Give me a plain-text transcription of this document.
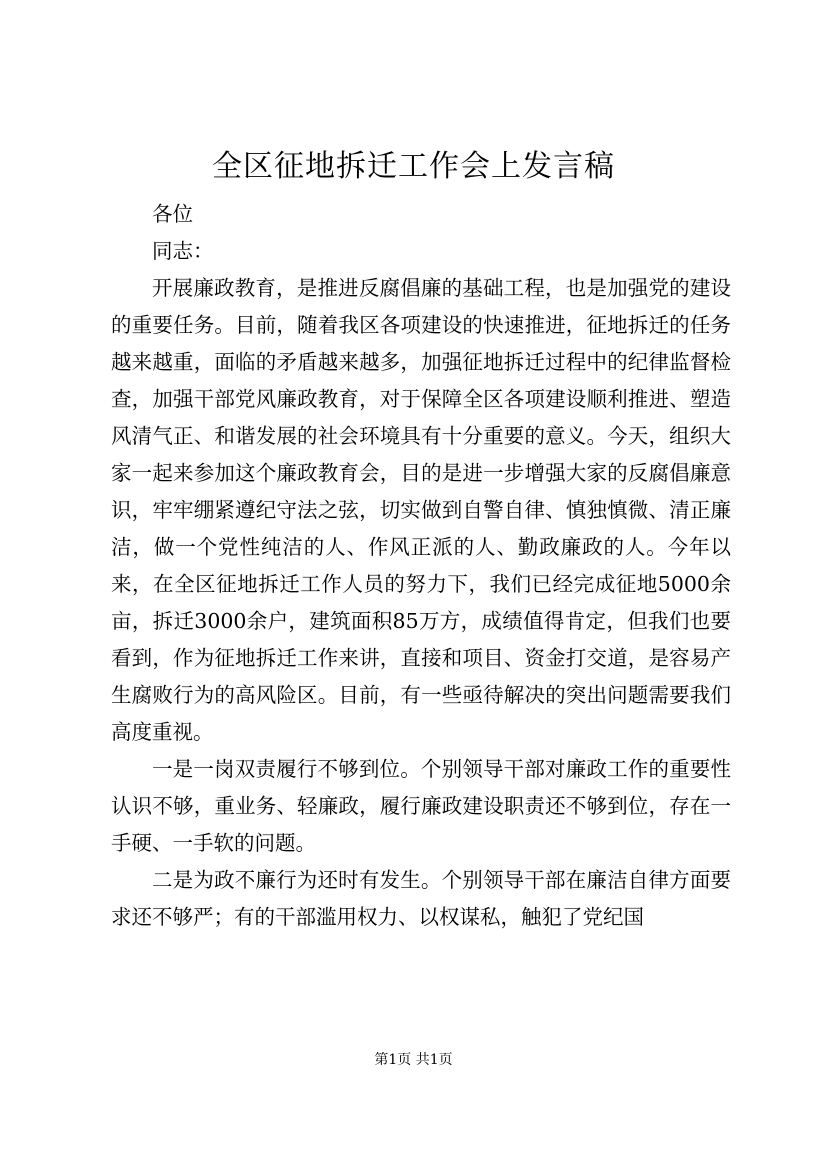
全区征地拆迁工作会上发言稿

各位

同志：

开展廉政教育，是推进反腐倡廉的基础工程，也是加强党的建设的重要任务。目前，随着我区各项建设的快速推进，征地拆迁的任务越来越重，面临的矛盾越来越多，加强征地拆迁过程中的纪律监督检查，加强干部党风廉政教育，对于保障全区各项建设顺利推进、塑造风清气正、和谐发展的社会环境具有十分重要的意义。今天，组织大家一起来参加这个廉政教育会，目的是进一步增强大家的反腐倡廉意识，牢牢绷紧遵纪守法之弦，切实做到自警自律、慎独慎微、清正廉洁，做一个党性纯洁的人、作风正派的人、勤政廉政的人。今年以来，在全区征地拆迁工作人员的努力下，我们已经完成征地5000余亩，拆迁3000余户，建筑面积85万方，成绩值得肯定，但我们也要看到，作为征地拆迁工作来讲，直接和项目、资金打交道，是容易产生腐败行为的高风险区。目前，有一些亟待解决的突出问题需要我们高度重视。

一是一岗双责履行不够到位。个别领导干部对廉政工作的重要性认识不够，重业务、轻廉政，履行廉政建设职责还不够到位，存在一手硬、一手软的问题。

二是为政不廉行为还时有发生。个别领导干部在廉洁自律方面要求还不够严；有的干部滥用权力、以权谋私，触犯了党纪国

第1页 共1页
